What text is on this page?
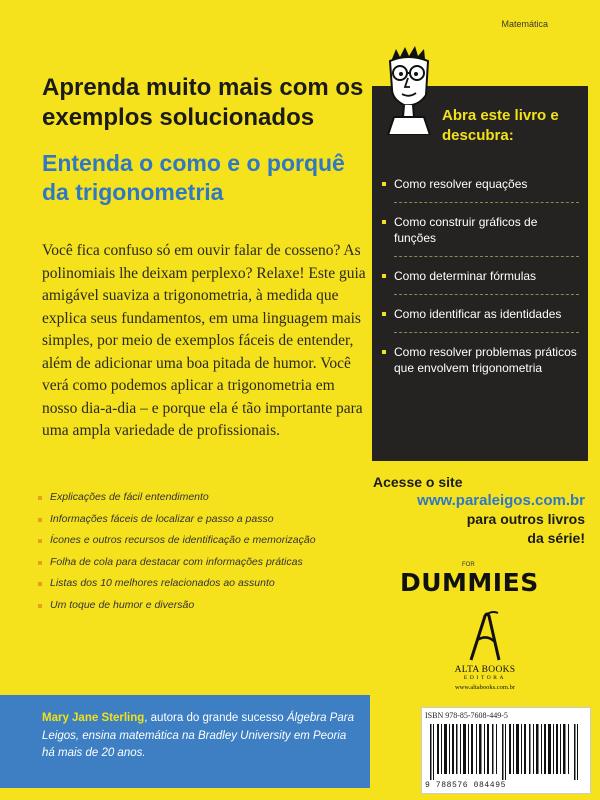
Matemática
Aprenda muito mais com os exemplos solucionados
Entenda o como e o porquê da trigonometria
Você fica confuso só em ouvir falar de cosseno? As polinomiais lhe deixam perplexo? Relaxe! Este guia amigável suaviza a trigonometria, à medida que explica seus fundamentos, em uma linguagem mais simples, por meio de exemplos fáceis de entender, além de adicionar uma boa pitada de humor. Você verá como podemos aplicar a trigonometria em nosso dia-a-dia – e porque ela é tão importante para uma ampla variedade de profissionais.
Explicações de fácil entendimento
Informações fáceis de localizar e passo a passo
Ícones e outros recursos de identificação e memorização
Folha de cola para destacar com informações práticas
Listas dos 10 melhores relacionados ao assunto
Um toque de humor e diversão
Abra este livro e descubra:
Como resolver equações
Como construir gráficos de funções
Como determinar fórmulas
Como identificar as identidades
Como resolver problemas práticos que envolvem trigonometria
Acesse o site
www.paraleigos.com.br
para outros livros
da série!
FOR
DUMMIES
ALTA BOOKS
EDITORA
www.altabooks.com.br
Mary Jane Sterling, autora do grande sucesso Álgebra Para Leigos, ensina matemática na Bradley University em Peoria há mais de 20 anos.
ISBN 978-85-7608-449-5
9 788576 084495
